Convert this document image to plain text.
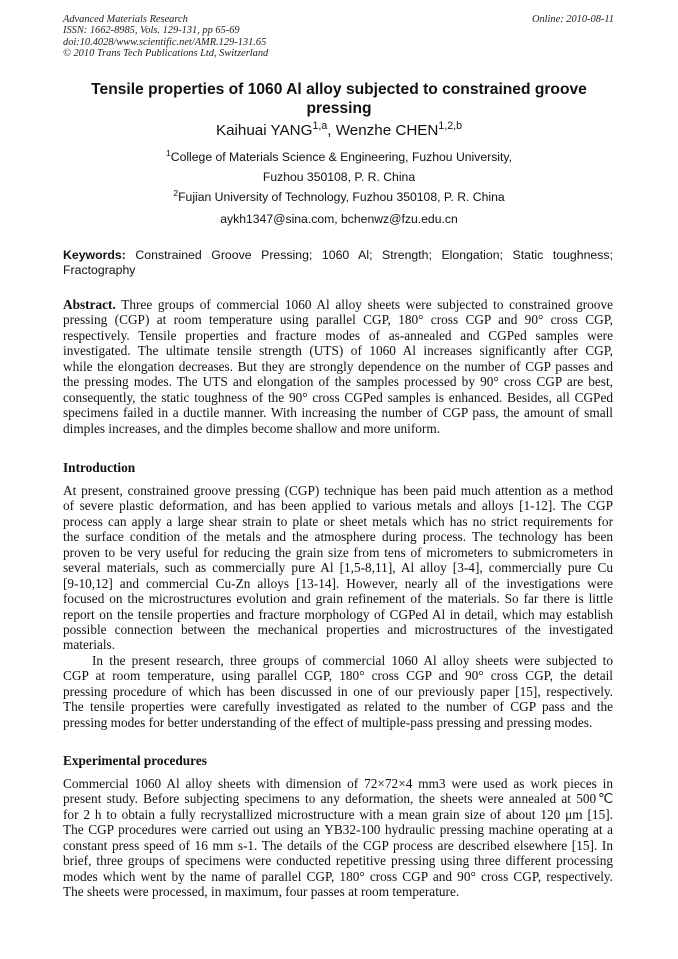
Advanced Materials Research
ISSN: 1662-8985, Vols. 129-131, pp 65-69
doi:10.4028/www.scientific.net/AMR.129-131.65
© 2010 Trans Tech Publications Ltd, Switzerland
Online: 2010-08-11
Tensile properties of 1060 Al alloy subjected to constrained groove pressing
Kaihuai YANG$^{1,a}$, Wenzhe CHEN$^{1,2,b}$
$^1$College of Materials Science & Engineering, Fuzhou University,
Fuzhou 350108, P. R. China
$^2$Fujian University of Technology, Fuzhou 350108, P. R. China
aykh1347@sina.com, bchenwz@fzu.edu.cn
Keywords: Constrained Groove Pressing; 1060 Al; Strength; Elongation; Static toughness; Fractography
Abstract. Three groups of commercial 1060 Al alloy sheets were subjected to constrained groove
pressing (CGP) at room temperature using parallel CGP, 180° cross CGP and 90° cross CGP,
respectively. Tensile properties and fracture modes of as-annealed and CGPed samples were
investigated. The ultimate tensile strength (UTS) of 1060 Al increases significantly after CGP,
while the elongation decreases. But they are strongly dependence on the number of CGP passes and
the pressing modes. The UTS and elongation of the samples processed by 90° cross CGP are best,
consequently, the static toughness of the 90° cross CGPed samples is enhanced. Besides, all CGPed
specimens failed in a ductile manner. With increasing the number of CGP pass, the amount of small
dimples increases, and the dimples become shallow and more uniform.
Introduction
At present, constrained groove pressing (CGP) technique has been paid much attention as a method
of severe plastic deformation, and has been applied to various metals and alloys [1-12]. The CGP
process can apply a large shear strain to plate or sheet metals which has no strict requirements for
the surface condition of the metals and the atmosphere during process. The technology has been
proven to be very useful for reducing the grain size from tens of micrometers to submicrometers in
several materials, such as commercially pure Al [1,5-8,11], Al alloy [3-4], commercially pure Cu
[9-10,12] and commercial Cu-Zn alloys [13-14]. However, nearly all of the investigations were
focused on the microstructures evolution and grain refinement of the materials. So far there is little
report on the tensile properties and fracture morphology of CGPed Al in detail, which may establish
possible connection between the mechanical properties and microstructures of the investigated
materials.
In the present research, three groups of commercial 1060 Al alloy sheets were subjected to
CGP at room temperature, using parallel CGP, 180° cross CGP and 90° cross CGP, the detail
pressing procedure of which has been discussed in one of our previously paper [15], respectively.
The tensile properties were carefully investigated as related to the number of CGP pass and the
pressing modes for better understanding of the effect of multiple-pass pressing and pressing modes.
Experimental procedures
Commercial 1060 Al alloy sheets with dimension of 72×72×4 mm3 were used as work pieces in
present study. Before subjecting specimens to any deformation, the sheets were annealed at 500℃
for 2 h to obtain a fully recrystallized microstructure with a mean grain size of about 120 μm [15].
The CGP procedures were carried out using an YB32-100 hydraulic pressing machine operating at a
constant press speed of 16 mm s-1. The details of the CGP process are described elsewhere [15]. In
brief, three groups of specimens were conducted repetitive pressing using three different processing
modes which went by the name of parallel CGP, 180° cross CGP and 90° cross CGP, respectively.
The sheets were processed, in maximum, four passes at room temperature.
